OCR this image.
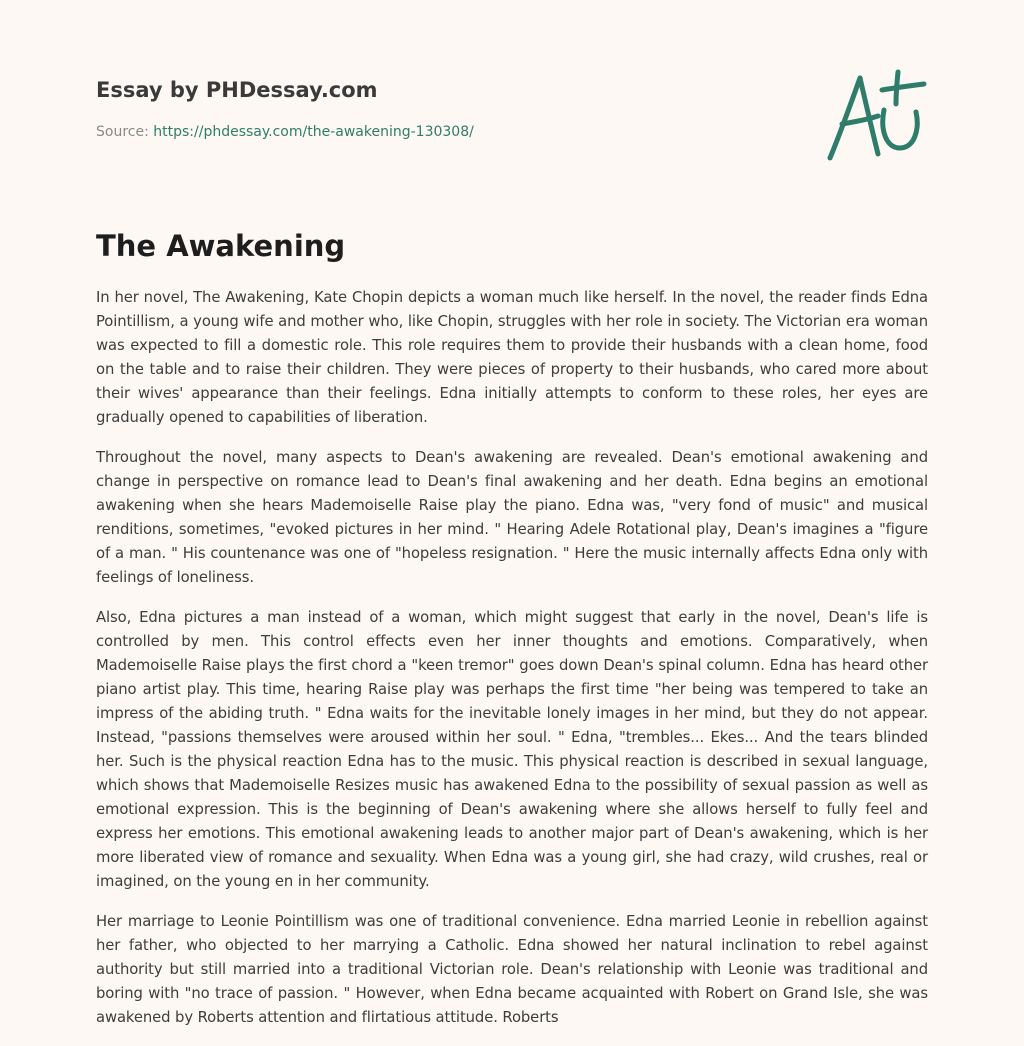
Essay by PHDessay.com
Source: https://phdessay.com/the-awakening-130308/
The Awakening

In her novel, The Awakening, Kate Chopin depicts a woman much like herself. In the novel, the reader finds Edna Pointillism, a young wife and mother who, like Chopin, struggles with her role in society. The Victorian era woman was expected to fill a domestic role. This role requires them to provide their husbands with a clean home, food on the table and to raise their children. They were pieces of property to their husbands, who cared more about their wives' appearance than their feelings. Edna initially attempts to conform to these roles, her eyes are gradually opened to capabilities of liberation.

Throughout the novel, many aspects to Dean's awakening are revealed. Dean's emotional awakening and change in perspective on romance lead to Dean's final awakening and her death. Edna begins an emotional awakening when she hears Mademoiselle Raise play the piano. Edna was, "very fond of music" and musical renditions, sometimes, "evoked pictures in her mind. " Hearing Adele Rotational play, Dean's imagines a "figure of a man. " His countenance was one of "hopeless resignation. " Here the music internally affects Edna only with feelings of loneliness.

Also, Edna pictures a man instead of a woman, which might suggest that early in the novel, Dean's life is controlled by men. This control effects even her inner thoughts and emotions. Comparatively, when Mademoiselle Raise plays the first chord a "keen tremor" goes down Dean's spinal column. Edna has heard other piano artist play. This time, hearing Raise play was perhaps the first time "her being was tempered to take an impress of the abiding truth. " Edna waits for the inevitable lonely images in her mind, but they do not appear. Instead, "passions themselves were aroused within her soul. " Edna, "trembles... Ekes... And the tears blinded her. Such is the physical reaction Edna has to the music. This physical reaction is described in sexual language, which shows that Mademoiselle Resizes music has awakened Edna to the possibility of sexual passion as well as emotional expression. This is the beginning of Dean's awakening where she allows herself to fully feel and express her emotions. This emotional awakening leads to another major part of Dean's awakening, which is her more liberated view of romance and sexuality. When Edna was a young girl, she had crazy, wild crushes, real or imagined, on the young en in her community.

Her marriage to Leonie Pointillism was one of traditional convenience. Edna married Leonie in rebellion against her father, who objected to her marrying a Catholic. Edna showed her natural inclination to rebel against authority but still married into a traditional Victorian role. Dean's relationship with Leonie was traditional and boring with "no trace of passion. " However, when Edna became acquainted with Robert on Grand Isle, she was awakened by Roberts attention and flirtatious attitude. Roberts
